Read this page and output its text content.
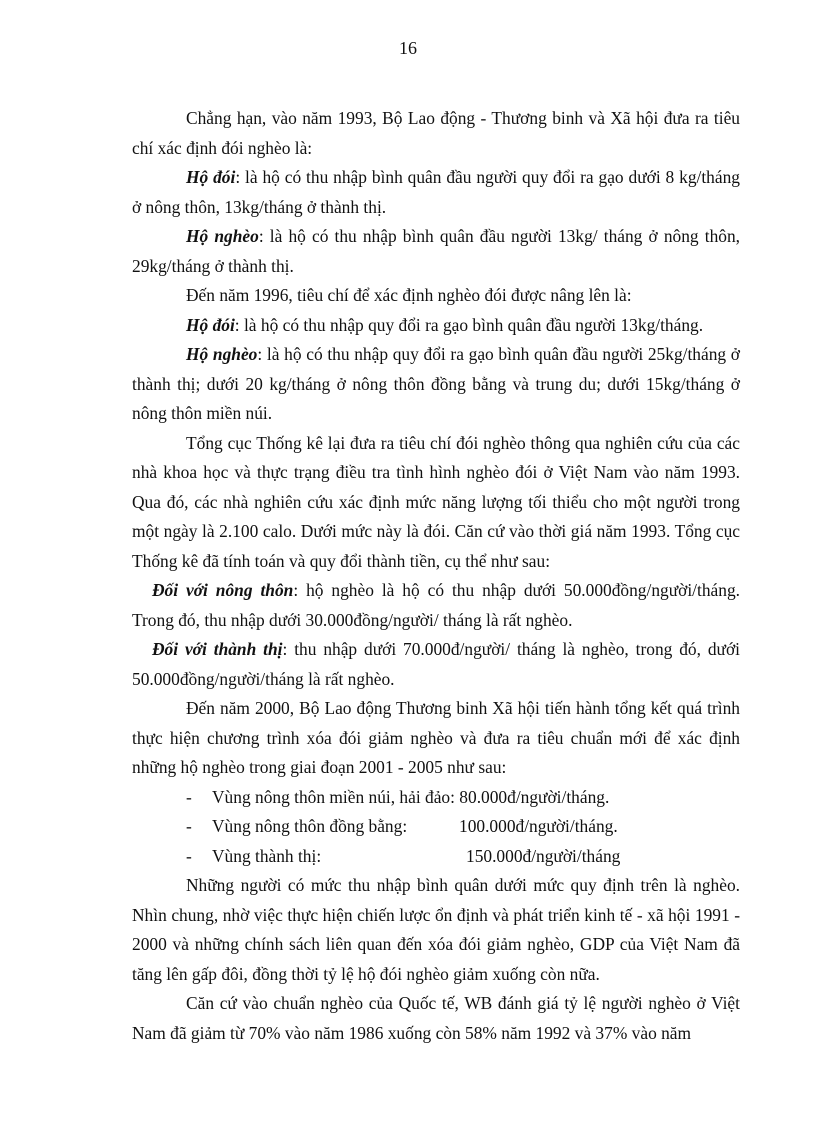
16

Chẳng hạn, vào năm 1993, Bộ Lao động - Thương binh và Xã hội đưa ra tiêu chí xác định đói nghèo là:

Hộ đói: là hộ có thu nhập bình quân đầu người quy đổi ra gạo dưới 8 kg/tháng ở nông thôn, 13kg/tháng ở thành thị.

Hộ nghèo: là hộ có thu nhập bình quân đầu người 13kg/ tháng ở nông thôn, 29kg/tháng ở thành thị.

Đến năm 1996, tiêu chí để xác định nghèo đói được nâng lên là:

Hộ đói: là hộ có thu nhập quy đổi ra gạo bình quân đầu người 13kg/tháng.

Hộ nghèo: là hộ có thu nhập quy đổi ra gạo bình quân đầu người 25kg/tháng ở thành thị; dưới 20 kg/tháng ở nông thôn đồng bằng và trung du; dưới 15kg/tháng ở nông thôn miền núi.

Tổng cục Thống kê lại đưa ra tiêu chí đói nghèo thông qua nghiên cứu của các nhà khoa học và thực trạng điều tra tình hình nghèo đói ở Việt Nam vào năm 1993. Qua đó, các nhà nghiên cứu xác định mức năng lượng tối thiểu cho một người trong một ngày là 2.100 calo. Dưới mức này là đói. Căn cứ vào thời giá năm 1993. Tổng cục Thống kê đã tính toán và quy đổi thành tiền, cụ thể như sau:

Đối với nông thôn: hộ nghèo là hộ có thu nhập dưới 50.000đồng/người/tháng. Trong đó, thu nhập dưới 30.000đồng/người/ tháng là rất nghèo.

Đối với thành thị: thu nhập dưới 70.000đ/người/ tháng là nghèo, trong đó, dưới 50.000đồng/người/tháng là rất nghèo.

Đến năm 2000, Bộ Lao động Thương binh Xã hội tiến hành tổng kết quá trình thực hiện chương trình xóa đói giảm nghèo và đưa ra tiêu chuẩn mới để xác định những hộ nghèo trong giai đoạn 2001 - 2005 như sau:

- Vùng nông thôn miền núi, hải đảo: 80.000đ/người/tháng.
- Vùng nông thôn đồng bằng:	100.000đ/người/tháng.
- Vùng thành thị:	150.000đ/người/tháng

Những người có mức thu nhập bình quân dưới mức quy định trên là nghèo. Nhìn chung, nhờ việc thực hiện chiến lược ổn định và phát triển kinh tế - xã hội 1991 - 2000 và những chính sách liên quan đến xóa đói giảm nghèo, GDP của Việt Nam đã tăng lên gấp đôi, đồng thời tỷ lệ hộ đói nghèo giảm xuống còn nữa.

Căn cứ vào chuẩn nghèo của Quốc tế, WB đánh giá tỷ lệ người nghèo ở Việt Nam đã giảm từ 70% vào năm 1986 xuống còn 58% năm 1992 và 37% vào năm
